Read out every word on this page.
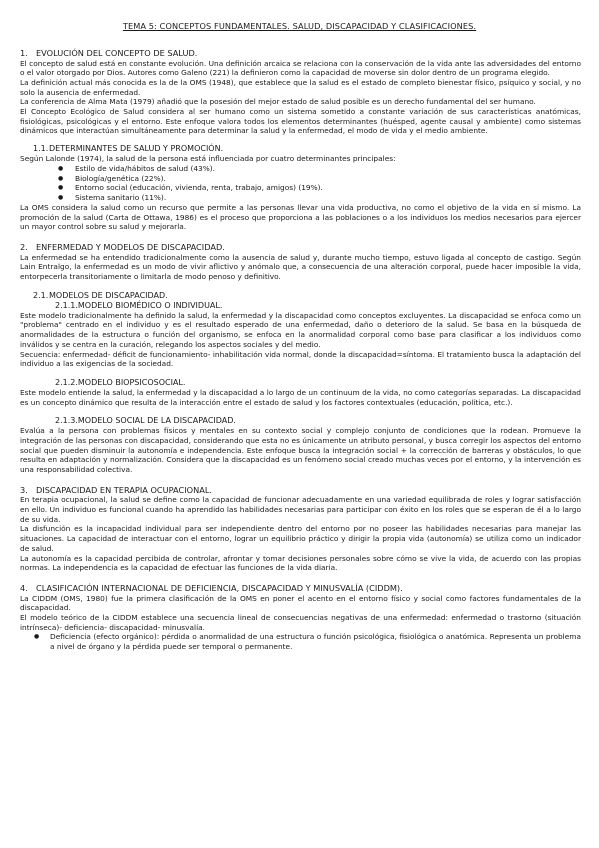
TEMA 5: CONCEPTOS FUNDAMENTALES. SALUD, DISCAPACIDAD Y CLASIFICACIONES.
1. EVOLUCIÓN DEL CONCEPTO DE SALUD.

El concepto de salud está en constante evolución. Una definición arcaica se relaciona con la conservación de la vida ante las adversidades del entorno o el valor otorgado por Dios. Autores como Galeno (221) la definieron como la capacidad de moverse sin dolor dentro de un programa elegido.

La definición actual más conocida es la de la OMS (1948), que establece que la salud es el estado de completo bienestar físico, psíquico y social, y no solo la ausencia de enfermedad.

La conferencia de Alma Mata (1979) añadió que la posesión del mejor estado de salud posible es un derecho fundamental del ser humano.

El Concepto Ecológico de Salud considera al ser humano como un sistema sometido a constante variación de sus características anatómicas, fisiológicas, psicológicas y el entorno. Este enfoque valora todos los elementos determinantes (huésped, agente causal y ambiente) como sistemas dinámicos que interactúan simultáneamente para determinar la salud y la enfermedad, el modo de vida y el medio ambiente.

1.1.DETERMINANTES DE SALUD Y PROMOCIÓN.

Según Lalonde (1974), la salud de la persona está influenciada por cuatro determinantes principales:

● Estilo de vida/hábitos de salud (43%).
● Biología/genética (22%).
● Entorno social (educación, vivienda, renta, trabajo, amigos) (19%).
● Sistema sanitario (11%).

La OMS considera la salud como un recurso que permite a las personas llevar una vida productiva, no como el objetivo de la vida en sí mismo. La promoción de la salud (Carta de Ottawa, 1986) es el proceso que proporciona a las poblaciones o a los individuos los medios necesarios para ejercer un mayor control sobre su salud y mejorarla.

2. ENFERMEDAD Y MODELOS DE DISCAPACIDAD.

La enfermedad se ha entendido tradicionalmente como la ausencia de salud y, durante mucho tiempo, estuvo ligada al concepto de castigo. Según Lain Entralgo, la enfermedad es un modo de vivir aflictivo y anómalo que, a consecuencia de una alteración corporal, puede hacer imposible la vida, entorpecerla transitoriamente o limitarla de modo penoso y definitivo.

2.1.MODELOS DE DISCAPACIDAD.
2.1.1.MODELO BIOMÉDICO O INDIVIDUAL.

Este modelo tradicionalmente ha definido la salud, la enfermedad y la discapacidad como conceptos excluyentes. La discapacidad se enfoca como un "problema" centrado en el individuo y es el resultado esperado de una enfermedad, daño o deterioro de la salud. Se basa en la búsqueda de anormalidades de la estructura o función del organismo, se enfoca en la anormalidad corporal como base para clasificar a los individuos como inválidos y se centra en la curación, relegando los aspectos sociales y del medio.

Secuencia: enfermedad- déficit de funcionamiento- inhabilitación vida normal, donde la discapacidad=síntoma. El tratamiento busca la adaptación del individuo a las exigencias de la sociedad.

2.1.2.MODELO BIOPSICOSOCIAL.

Este modelo entiende la salud, la enfermedad y la discapacidad a lo largo de un continuum de la vida, no como categorías separadas. La discapacidad es un concepto dinámico que resulta de la interacción entre el estado de salud y los factores contextuales (educación, política, etc.).

2.1.3.MODELO SOCIAL DE LA DISCAPACIDAD.

Evalúa a la persona con problemas físicos y mentales en su contexto social y complejo conjunto de condiciones que la rodean. Promueve la integración de las personas con discapacidad, considerando que esta no es únicamente un atributo personal, y busca corregir los aspectos del entorno social que pueden disminuir la autonomía e independencia. Este enfoque busca la integración social + la corrección de barreras y obstáculos, lo que resulta en adaptación y normalización. Considera que la discapacidad es un fenómeno social creado muchas veces por el entorno, y la intervención es una responsabilidad colectiva.

3. DISCAPACIDAD EN TERAPIA OCUPACIONAL.

En terapia ocupacional, la salud se define como la capacidad de funcionar adecuadamente en una variedad equilibrada de roles y lograr satisfacción en ello. Un individuo es funcional cuando ha aprendido las habilidades necesarias para participar con éxito en los roles que se esperan de él a lo largo de su vida.

La disfunción es la incapacidad individual para ser independiente dentro del entorno por no poseer las habilidades necesarias para manejar las situaciones. La capacidad de interactuar con el entorno, lograr un equilibrio práctico y dirigir la propia vida (autonomía) se utiliza como un indicador de salud.

La autonomía es la capacidad percibida de controlar, afrontar y tomar decisiones personales sobre cómo se vive la vida, de acuerdo con las propias normas. La independencia es la capacidad de efectuar las funciones de la vida diaria.

4. CLASIFICACIÓN INTERNACIONAL DE DEFICIENCIA, DISCAPACIDAD Y MINUSVALÍA (CIDDM).

La CIDDM (OMS, 1980) fue la primera clasificación de la OMS en poner el acento en el entorno físico y social como factores fundamentales de la discapacidad.

El modelo teórico de la CIDDM establece una secuencia lineal de consecuencias negativas de una enfermedad: enfermedad o trastorno (situación intrínseca)- deficiencia- discapacidad- minusvalía.

● Deficiencia (efecto orgánico): pérdida o anormalidad de una estructura o función psicológica, fisiológica o anatómica. Representa un problema a nivel de órgano y la pérdida puede ser temporal o permanente.
